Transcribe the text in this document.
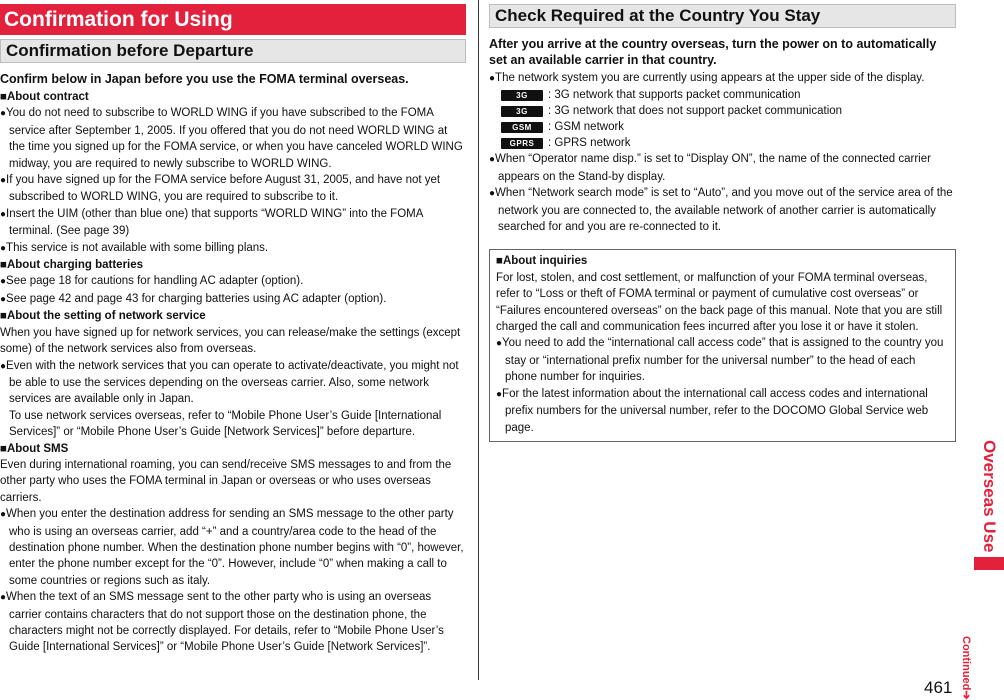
Confirmation for Using
Confirmation before Departure
Confirm below in Japan before you use the FOMA terminal overseas.
■About contract
●You do not need to subscribe to WORLD WING if you have subscribed to the FOMA service after September 1, 2005. If you offered that you do not need WORLD WING at the time you signed up for the FOMA service, or when you have canceled WORLD WING midway, you are required to newly subscribe to WORLD WING.
●If you have signed up for the FOMA service before August 31, 2005, and have not yet subscribed to WORLD WING, you are required to subscribe to it.
●Insert the UIM (other than blue one) that supports “WORLD WING” into the FOMA terminal. (See page 39)
●This service is not available with some billing plans.
■About charging batteries
●See page 18 for cautions for handling AC adapter (option).
●See page 42 and page 43 for charging batteries using AC adapter (option).
■About the setting of network service
When you have signed up for network services, you can release/make the settings (except some) of the network services also from overseas.
●Even with the network services that you can operate to activate/deactivate, you might not be able to use the services depending on the overseas carrier. Also, some network services are available only in Japan.
To use network services overseas, refer to “Mobile Phone User’s Guide [International Services]” or “Mobile Phone User’s Guide [Network Services]” before departure.
■About SMS
Even during international roaming, you can send/receive SMS messages to and from the other party who uses the FOMA terminal in Japan or overseas or who uses overseas carriers.
●When you enter the destination address for sending an SMS message to the other party who is using an overseas carrier, add “+” and a country/area code to the head of the destination phone number. When the destination phone number begins with “0”, however, enter the phone number except for the “0”. However, include “0” when making a call to some countries or regions such as italy.
●When the text of an SMS message sent to the other party who is using an overseas carrier contains characters that do not support those on the destination phone, the characters might not be correctly displayed. For details, refer to “Mobile Phone User’s Guide [International Services]” or “Mobile Phone User’s Guide [Network Services]”.
Check Required at the Country You Stay
After you arrive at the country overseas, turn the power on to automatically set an available carrier in that country.
●The network system you are currently using appears at the upper side of the display.
3G	: 3G network that supports packet communication
3G	: 3G network that does not support packet communication
GSM	: GSM network
GPRS	: GPRS network
●When “Operator name disp.” is set to “Display ON”, the name of the connected carrier appears on the Stand-by display.
●When “Network search mode” is set to “Auto”, and you move out of the service area of the network you are connected to, the available network of another carrier is automatically searched for and you are re-connected to it.
■About inquiries
For lost, stolen, and cost settlement, or malfunction of your FOMA terminal overseas, refer to “Loss or theft of FOMA terminal or payment of cumulative cost overseas” or “Failures encountered overseas” on the back page of this manual. Note that you are still charged the call and communication fees incurred after you lose it or have it stolen.
●You need to add the “international call access code” that is assigned to the country you stay or “international prefix number for the universal number” to the head of each phone number for inquiries.
●For the latest information about the international call access codes and international prefix numbers for the universal number, refer to the DOCOMO Global Service web page.
Overseas Use
Continued➔
461
